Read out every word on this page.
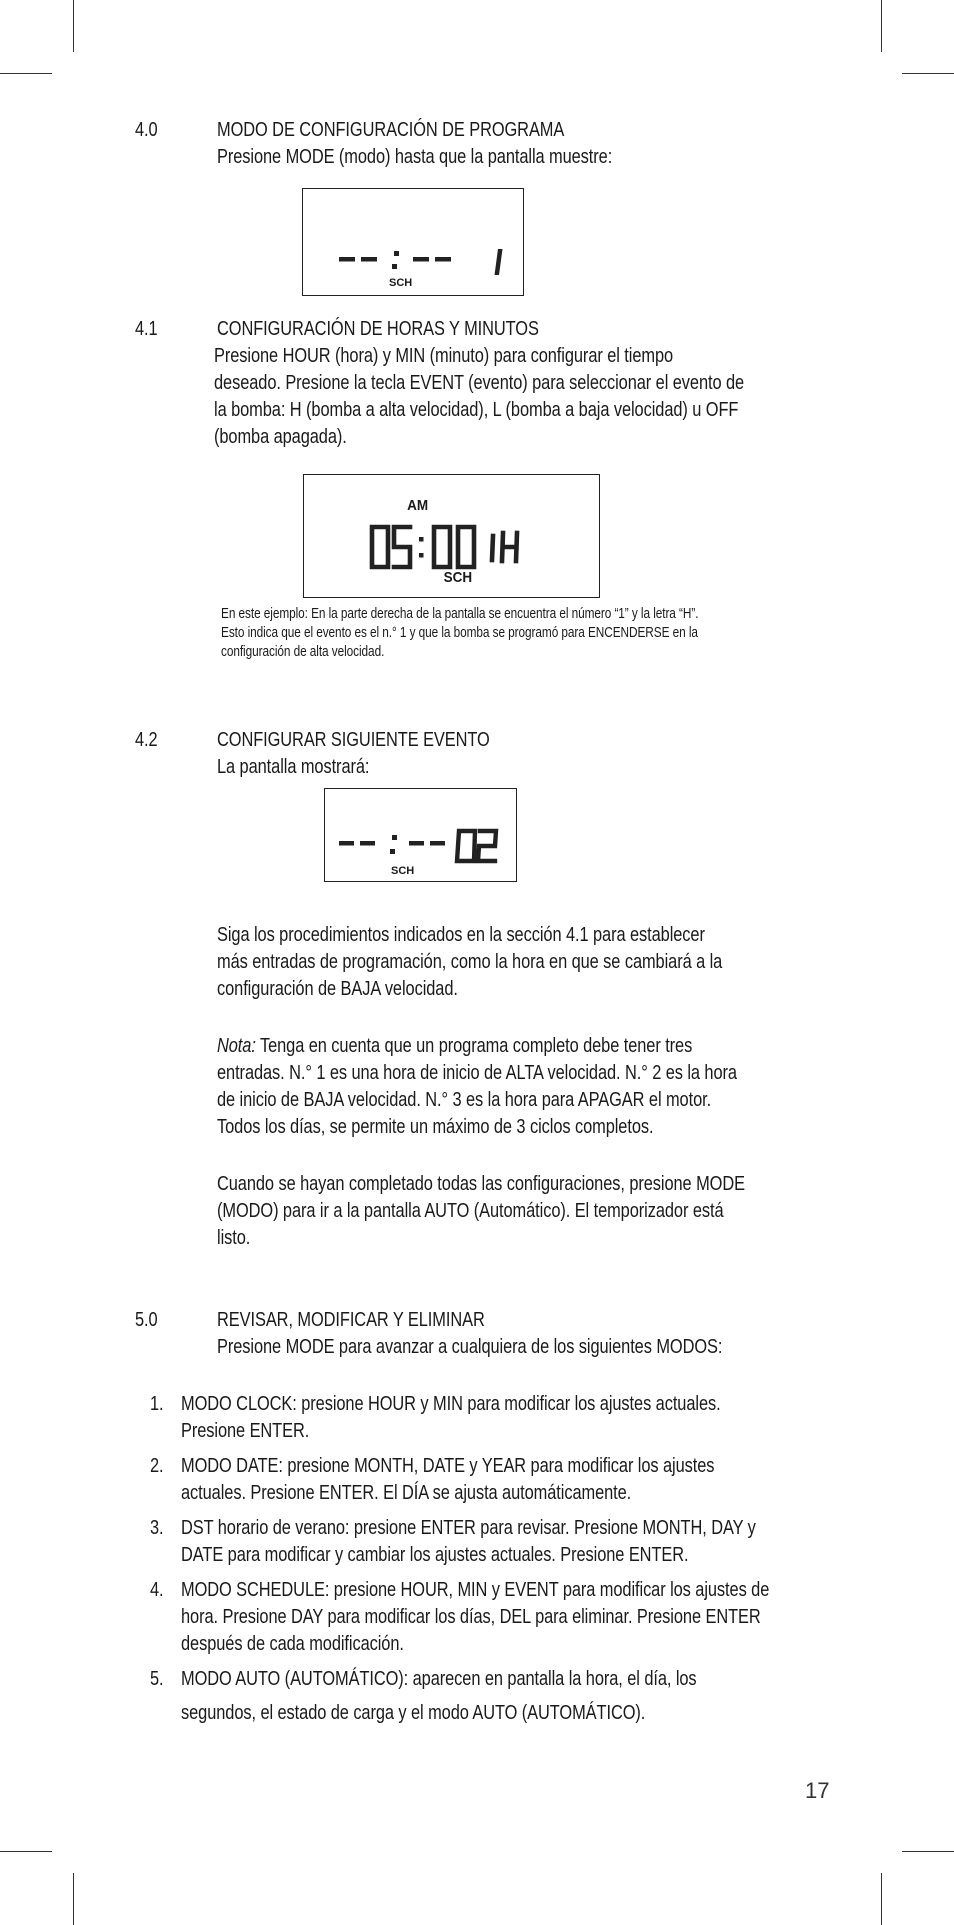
4.0	MODO DE CONFIGURACIÓN DE PROGRAMA
Presione MODE (modo) hasta que la pantalla muestre:
SCH
4.1	CONFIGURACIÓN DE HORAS Y MINUTOS
Presione HOUR (hora) y MIN (minuto) para configurar el tiempo
deseado. Presione la tecla EVENT (evento) para seleccionar el evento de
la bomba: H (bomba a alta velocidad), L (bomba a baja velocidad) u OFF
(bomba apagada).
AM
SCH
En este ejemplo: En la parte derecha de la pantalla se encuentra el número “1” y la letra “H”.
Esto indica que el evento es el n.° 1 y que la bomba se programó para ENCENDERSE en la
configuración de alta velocidad.
4.2	CONFIGURAR SIGUIENTE EVENTO
La pantalla mostrará:
SCH
Siga los procedimientos indicados en la sección 4.1 para establecer
más entradas de programación, como la hora en que se cambiará a la
configuración de BAJA velocidad.
Nota: Tenga en cuenta que un programa completo debe tener tres
entradas. N.° 1 es una hora de inicio de ALTA velocidad. N.° 2 es la hora
de inicio de BAJA velocidad. N.° 3 es la hora para APAGAR el motor.
Todos los días, se permite un máximo de 3 ciclos completos.
Cuando se hayan completado todas las configuraciones, presione MODE
(MODO) para ir a la pantalla AUTO (Automático). El temporizador está
listo.
5.0	REVISAR, MODIFICAR Y ELIMINAR
Presione MODE para avanzar a cualquiera de los siguientes MODOS:
1. MODO CLOCK: presione HOUR y MIN para modificar los ajustes actuales.
Presione ENTER.
2. MODO DATE: presione MONTH, DATE y YEAR para modificar los ajustes
actuales. Presione ENTER. El DÍA se ajusta automáticamente.
3. DST horario de verano: presione ENTER para revisar. Presione MONTH, DAY y
DATE para modificar y cambiar los ajustes actuales. Presione ENTER.
4. MODO SCHEDULE: presione HOUR, MIN y EVENT para modificar los ajustes de
hora. Presione DAY para modificar los días, DEL para eliminar. Presione ENTER
después de cada modificación.
5. MODO AUTO (AUTOMÁTICO): aparecen en pantalla la hora, el día, los
segundos, el estado de carga y el modo AUTO (AUTOMÁTICO).
17
